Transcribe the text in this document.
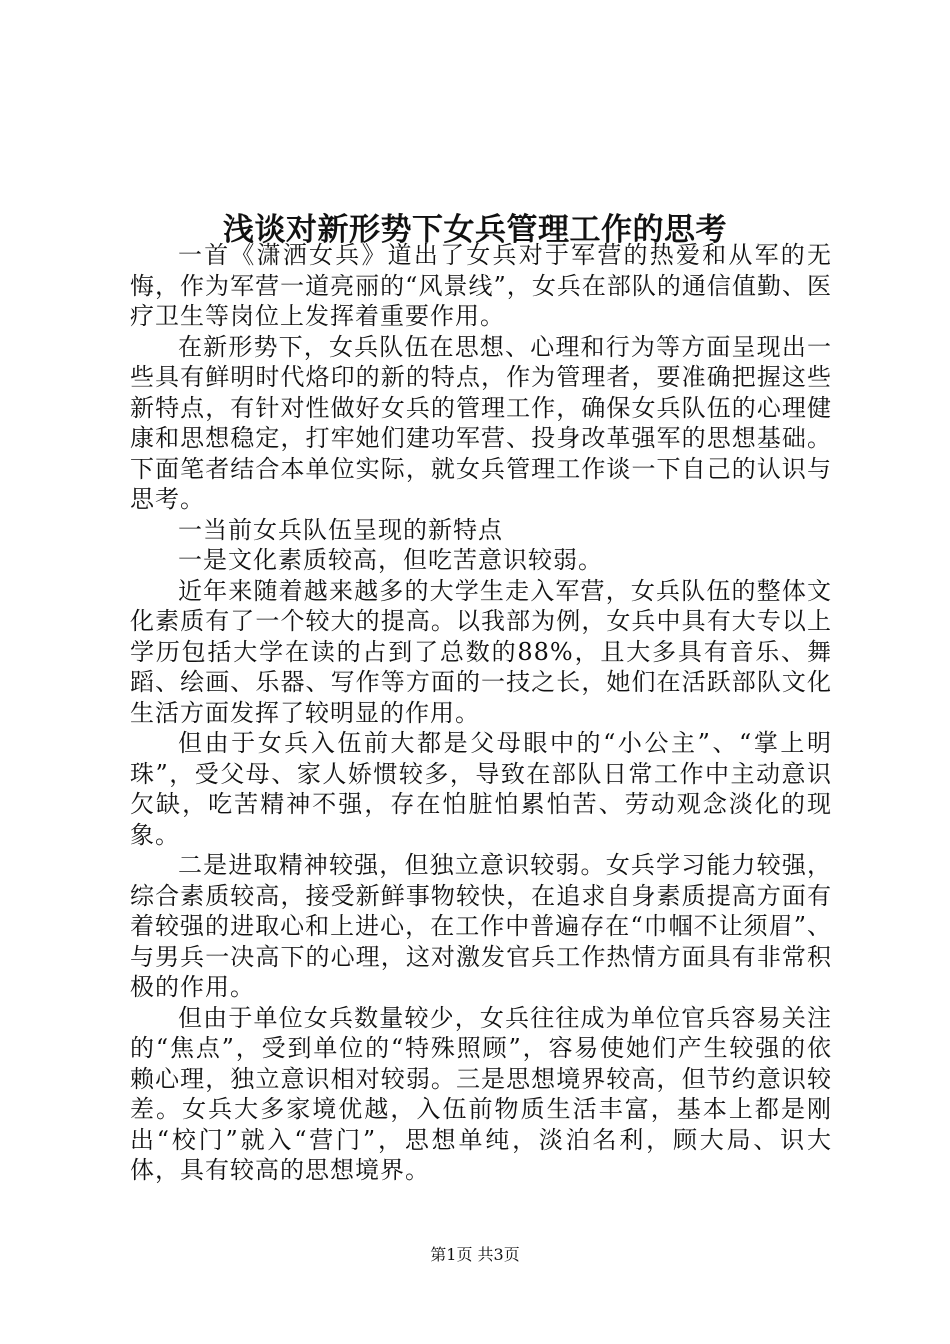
浅谈对新形势下女兵管理工作的思考

一首《潇洒女兵》道出了女兵对于军营的热爱和从军的无悔，作为军营一道亮丽的“风景线”，女兵在部队的通信值勤、医疗卫生等岗位上发挥着重要作用。

在新形势下，女兵队伍在思想、心理和行为等方面呈现出一些具有鲜明时代烙印的新的特点，作为管理者，要准确把握这些新特点，有针对性做好女兵的管理工作，确保女兵队伍的心理健康和思想稳定，打牢她们建功军营、投身改革强军的思想基础。下面笔者结合本单位实际，就女兵管理工作谈一下自己的认识与思考。

一当前女兵队伍呈现的新特点

一是文化素质较高，但吃苦意识较弱。

近年来随着越来越多的大学生走入军营，女兵队伍的整体文化素质有了一个较大的提高。以我部为例，女兵中具有大专以上学历包括大学在读的占到了总数的88%，且大多具有音乐、舞蹈、绘画、乐器、写作等方面的一技之长，她们在活跃部队文化生活方面发挥了较明显的作用。

但由于女兵入伍前大都是父母眼中的“小公主”、“掌上明珠”，受父母、家人娇惯较多，导致在部队日常工作中主动意识欠缺，吃苦精神不强，存在怕脏怕累怕苦、劳动观念淡化的现象。

二是进取精神较强，但独立意识较弱。女兵学习能力较强，综合素质较高，接受新鲜事物较快，在追求自身素质提高方面有着较强的进取心和上进心，在工作中普遍存在“巾帼不让须眉”、与男兵一决高下的心理，这对激发官兵工作热情方面具有非常积极的作用。

但由于单位女兵数量较少，女兵往往成为单位官兵容易关注的“焦点”，受到单位的“特殊照顾”，容易使她们产生较强的依赖心理，独立意识相对较弱。三是思想境界较高，但节约意识较差。女兵大多家境优越，入伍前物质生活丰富，基本上都是刚出“校门”就入“营门”，思想单纯，淡泊名利，顾大局、识大体，具有较高的思想境界。

第1页 共3页
